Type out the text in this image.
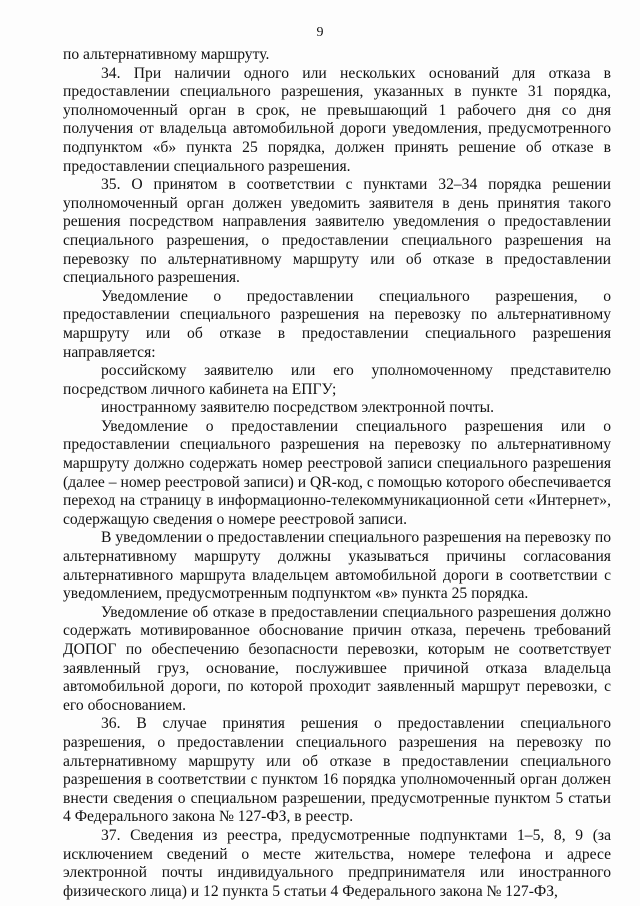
9

по альтернативному маршруту.

34. При наличии одного или нескольких оснований для отказа в предоставлении специального разрешения, указанных в пункте 31 порядка, уполномоченный орган в срок, не превышающий 1 рабочего дня со дня получения от владельца автомобильной дороги уведомления, предусмотренного подпунктом «б» пункта 25 порядка, должен принять решение об отказе в предоставлении специального разрешения.

35. О принятом в соответствии с пунктами 32–34 порядка решении уполномоченный орган должен уведомить заявителя в день принятия такого решения посредством направления заявителю уведомления о предоставлении специального разрешения, о предоставлении специального разрешения на перевозку по альтернативному маршруту или об отказе в предоставлении специального разрешения.

Уведомление о предоставлении специального разрешения, о предоставлении специального разрешения на перевозку по альтернативному маршруту или об отказе в предоставлении специального разрешения направляется:

российскому заявителю или его уполномоченному представителю посредством личного кабинета на ЕПГУ;

иностранному заявителю посредством электронной почты.

Уведомление о предоставлении специального разрешения или о предоставлении специального разрешения на перевозку по альтернативному маршруту должно содержать номер реестровой записи специального разрешения (далее – номер реестровой записи) и QR-код, с помощью которого обеспечивается переход на страницу в информационно-телекоммуникационной сети «Интернет», содержащую сведения о номере реестровой записи.

В уведомлении о предоставлении специального разрешения на перевозку по альтернативному маршруту должны указываться причины согласования альтернативного маршрута владельцем автомобильной дороги в соответствии с уведомлением, предусмотренным подпунктом «в» пункта 25 порядка.

Уведомление об отказе в предоставлении специального разрешения должно содержать мотивированное обоснование причин отказа, перечень требований ДОПОГ по обеспечению безопасности перевозки, которым не соответствует заявленный груз, основание, послужившее причиной отказа владельца автомобильной дороги, по которой проходит заявленный маршрут перевозки, с его обоснованием.

36. В случае принятия решения о предоставлении специального разрешения, о предоставлении специального разрешения на перевозку по альтернативному маршруту или об отказе в предоставлении специального разрешения в соответствии с пунктом 16 порядка уполномоченный орган должен внести сведения о специальном разрешении, предусмотренные пунктом 5 статьи 4 Федерального закона № 127-ФЗ, в реестр.

37. Сведения из реестра, предусмотренные подпунктами 1–5, 8, 9 (за исключением сведений о месте жительства, номере телефона и адресе электронной почты индивидуального предпринимателя или иностранного физического лица) и 12 пункта 5 статьи 4 Федерального закона № 127-ФЗ,
